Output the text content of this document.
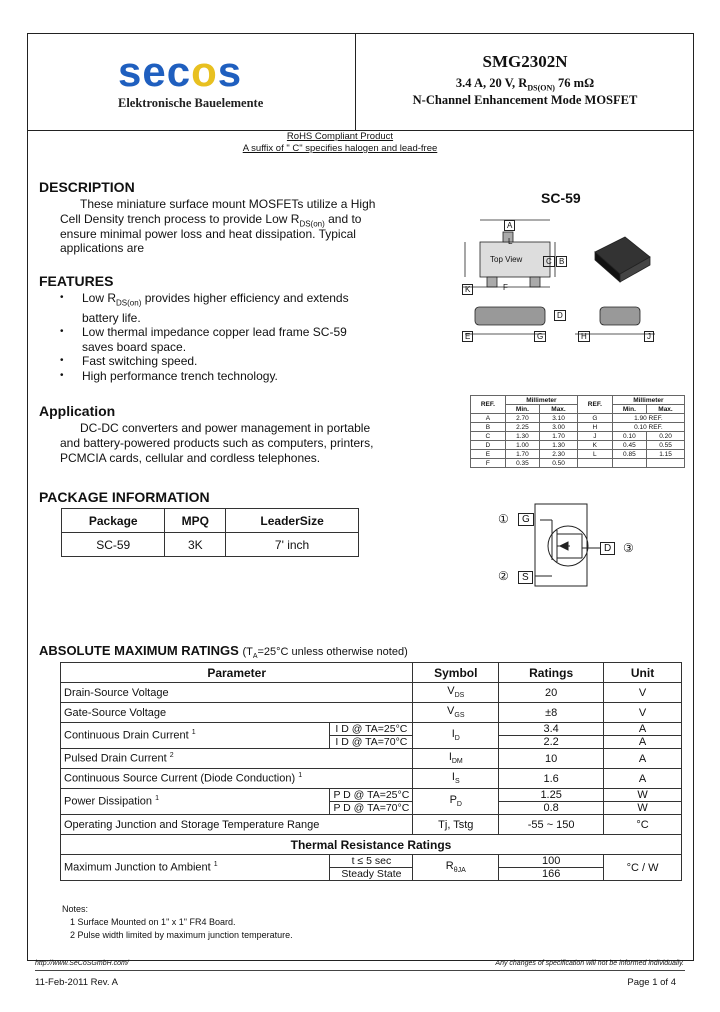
secos
Elektronische Bauelemente
SMG2302N
3.4 A, 20 V, $R_{DS(ON)}$ 76 mΩ
N-Channel Enhancement Mode MOSFET
RoHS Compliant Product
A suffix of " C" specifies halogen and lead-free
DESCRIPTION
These miniature surface mount MOSFETs utilize a High
Cell Density trench process to provide Low $R_{DS(on)}$ and to
ensure minimal power loss and heat dissipation. Typical
applications are
FEATURES
• Low $R_{DS(on)}$ provides higher efficiency and extends battery life.
• Low thermal impedance copper lead frame SC-59 saves board space.
• Fast switching speed.
• High performance trench technology.
Application
DC-DC converters and power management in portable
and battery-powered products such as computers, printers,
PCMCIA cards, cellular and cordless telephones.
PACKAGE INFORMATION
Package	MPQ	LeaderSize
SC-59	3K	7' inch
SC-59
Top View
A
L
C B
K	F
D
E	G	H	J
REF.	Millimeter		REF.	Millimeter	
	Min.	Max.		Min.	Max.
A	2.70	3.10	G	1.90 REF.	
B	2.25	3.00	H	0.10 REF.	
C	1.30	1.70	J	0.10	0.20
D	1.00	1.30	K	0.45	0.55
E	1.70	2.30	L	0.85	1.15
F	0.35	0.50			
G
D
S
①
③
②
ABSOLUTE MAXIMUM RATINGS ($T_A=25^\circ C$ unless otherwise noted)
Parameter		Symbol	Ratings	Unit
Drain-Source Voltage		$V_{DS}$	20	V
Gate-Source Voltage		$V_{GS}$	±8	V
Continuous Drain Current $^1$	I D @ TA=25°C	$I_D$	3.4	A
	I D @ TA=70°C		2.2	A
Pulsed Drain Current $^2$		$I_{DM}$	10	A
Continuous Source Current (Diode Conduction) $^1$		$I_S$	1.6	A
Power Dissipation $^1$	P D @ TA=25°C	$P_D$	1.25	W
	P D @ TA=70°C		0.8	W
Operating Junction and Storage Temperature Range		Tj, Tstg	-55 ~ 150	°C
Thermal Resistance Ratings				
Maximum Junction to Ambient $^1$	t ≤ 5 sec	$R_{\theta JA}$	100	°C / W
	Steady State		166	
Notes:
1 Surface Mounted on 1" x 1" FR4 Board.
2 Pulse width limited by maximum junction temperature.
http://www.SeCoSGmbH.com/	Any changes of specification will not be informed individually.
11-Feb-2011 Rev. A	Page 1 of 4
